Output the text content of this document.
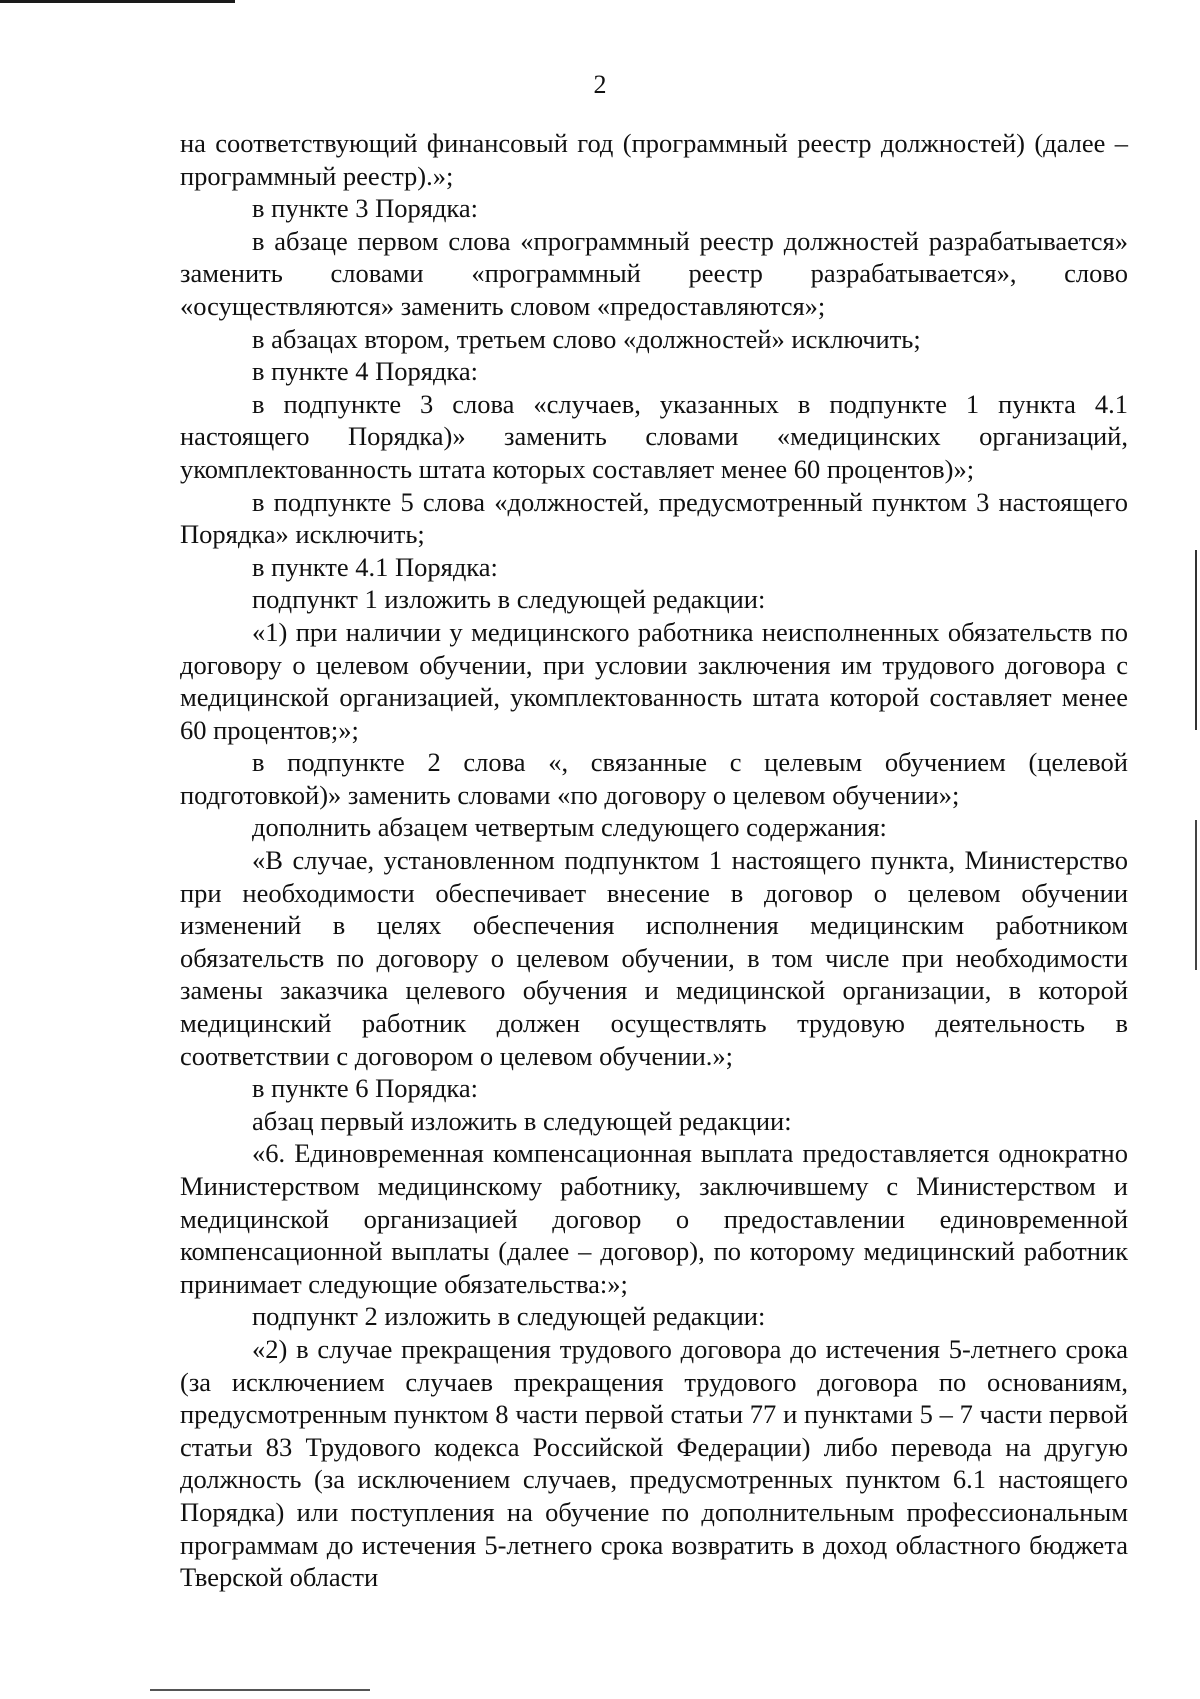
2

на соответствующий финансовый год (программный реестр должностей) (далее – программный реестр).»;

в пункте 3 Порядка:

в абзаце первом слова «программный реестр должностей разрабатывается» заменить словами «программный реестр разрабатывается», слово «осуществляются» заменить словом «предоставляются»;

в абзацах втором, третьем слово «должностей» исключить;

в пункте 4 Порядка:

в подпункте 3 слова «случаев, указанных в подпункте 1 пункта 4.1 настоящего Порядка)» заменить словами «медицинских организаций, укомплектованность штата которых составляет менее 60 процентов)»;

в подпункте 5 слова «должностей, предусмотренный пунктом 3 настоящего Порядка» исключить;

в пункте 4.1 Порядка:

подпункт 1 изложить в следующей редакции:

«1) при наличии у медицинского работника неисполненных обязательств по договору о целевом обучении, при условии заключения им трудового договора с медицинской организацией, укомплектованность штата которой составляет менее 60 процентов;»;

в подпункте 2 слова «, связанные с целевым обучением (целевой подготовкой)» заменить словами «по договору о целевом обучении»;

дополнить абзацем четвертым следующего содержания:

«В случае, установленном подпунктом 1 настоящего пункта, Министерство при необходимости обеспечивает внесение в договор о целевом обучении изменений в целях обеспечения исполнения медицинским работником обязательств по договору о целевом обучении, в том числе при необходимости замены заказчика целевого обучения и медицинской организации, в которой медицинский работник должен осуществлять трудовую деятельность в соответствии с договором о целевом обучении.»;

в пункте 6 Порядка:

абзац первый изложить в следующей редакции:

«6. Единовременная компенсационная выплата предоставляется однократно Министерством медицинскому работнику, заключившему с Министерством и медицинской организацией договор о предоставлении единовременной компенсационной выплаты (далее – договор), по которому медицинский работник принимает следующие обязательства:»;

подпункт 2 изложить в следующей редакции:

«2) в случае прекращения трудового договора до истечения 5-летнего срока (за исключением случаев прекращения трудового договора по основаниям, предусмотренным пунктом 8 части первой статьи 77 и пунктами 5 – 7 части первой статьи 83 Трудового кодекса Российской Федерации) либо перевода на другую должность (за исключением случаев, предусмотренных пунктом 6.1 настоящего Порядка) или поступления на обучение по дополнительным профессиональным программам до истечения 5-летнего срока возвратить в доход областного бюджета Тверской области
